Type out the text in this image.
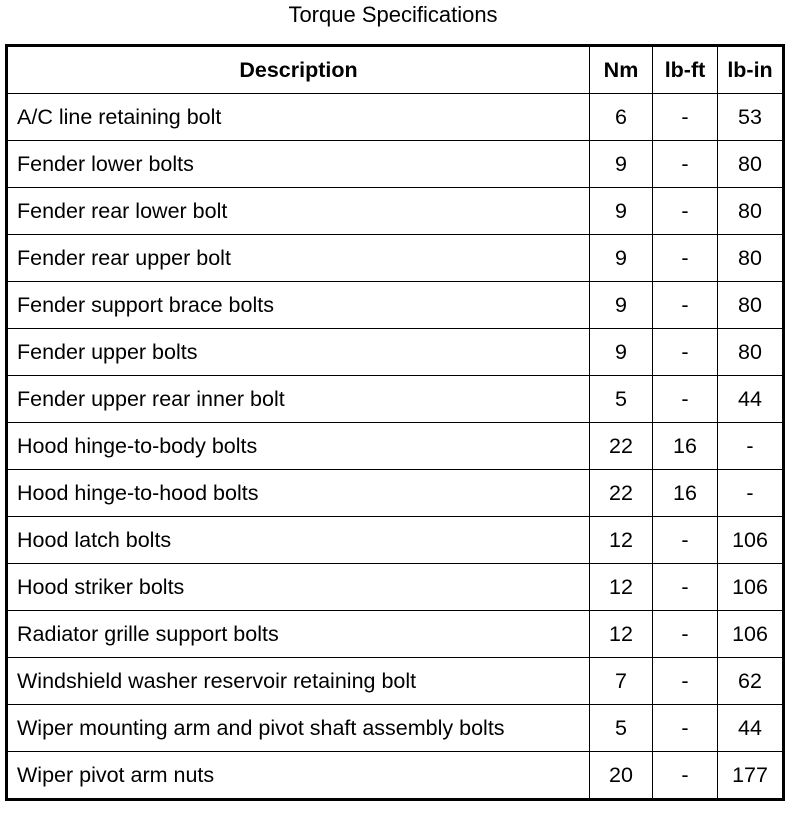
Torque Specifications
Description	Nm	lb-ft	lb-in
A/C line retaining bolt	6	-	53
Fender lower bolts	9	-	80
Fender rear lower bolt	9	-	80
Fender rear upper bolt	9	-	80
Fender support brace bolts	9	-	80
Fender upper bolts	9	-	80
Fender upper rear inner bolt	5	-	44
Hood hinge-to-body bolts	22	16	-
Hood hinge-to-hood bolts	22	16	-
Hood latch bolts	12	-	106
Hood striker bolts	12	-	106
Radiator grille support bolts	12	-	106
Windshield washer reservoir retaining bolt	7	-	62
Wiper mounting arm and pivot shaft assembly bolts	5	-	44
Wiper pivot arm nuts	20	-	177
